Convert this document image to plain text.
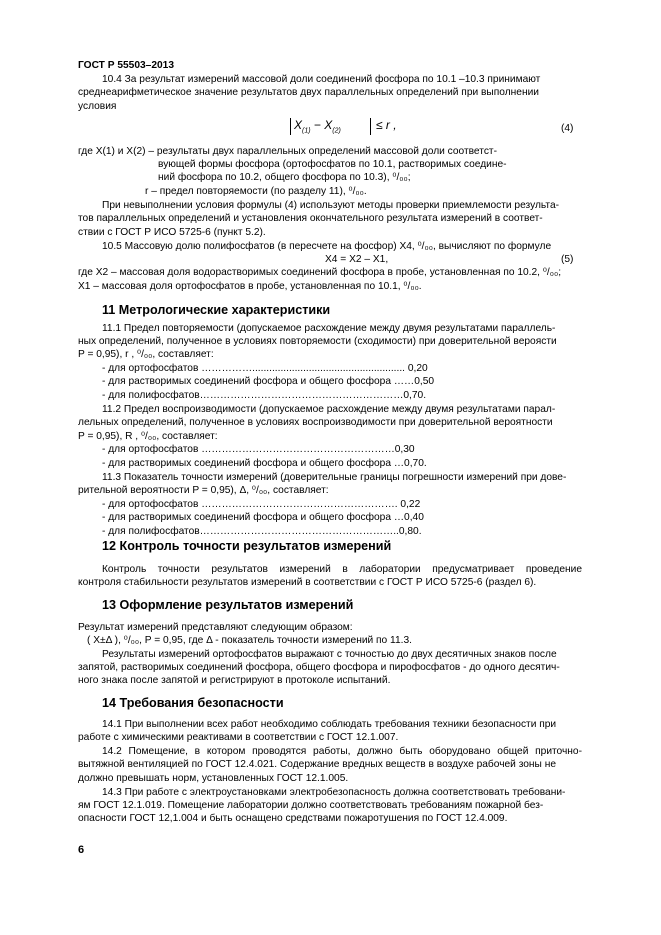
ГОСТ Р 55503–2013
10.4 За результат измерений массовой доли соединений фосфора по 10.1 –10.3 принимают
среднеарифметическое значение результатов двух параллельных определений при выполнении
условия
$X_{(1)} - X_{(2)}$	≤ r ,	(4)
где X(1) и X(2) – результаты двух параллельных определений массовой доли соответст-
вующей формы фосфора (ортофосфатов по 10.1, растворимых соедине-
ний фосфора по 10.2, общего фосфора по 10.3), ⁰/₀₀;
r – предел повторяемости (по разделу 11), ⁰/₀₀.
При невыполнении условия формулы (4) используют методы проверки приемлемости результа-
тов параллельных определений и установления окончательного результата измерений в соответ-
ствии с ГОСТ Р ИСО 5725-6 (пункт 5.2).
10.5 Массовую долю полифосфатов (в пересчете на фосфор) X4, ⁰/₀₀, вычисляют по формуле
X4 = X2 – X1,	(5)
где X2 – массовая доля водорастворимых соединений фосфора в пробе, установленная по 10.2, ⁰/₀₀;
X1 – массовая доля ортофосфатов в пробе, установленная по 10.1, ⁰/₀₀.
11 Метрологические характеристики
11.1 Предел повторяемости (допускаемое расхождение между двумя результатами параллель-
ных определений, полученное в условиях повторяемости (сходимости) при доверительной вероясти
P = 0,95), r , ⁰/₀₀, составляет:
- для ортофосфатов ……………...................................................... 0,20
- для растворимых соединений фосфора и общего фосфора ……0,50
- для полифосфатов……………………………………………………0,70.
11.2 Предел воспроизводимости (допускаемое расхождение между двумя результатами парал-
лельных определений, полученное в условиях воспроизводимости при доверительной вероятности
P = 0,95), R , ⁰/₀₀, составляет:
- для ортофосфатов …………………………………………………0,30
- для растворимых соединений фосфора и общего фосфора …0,70.
11.3 Показатель точности измерений (доверительные границы погрешности измерений при дове-
рительной вероятности P = 0,95), Δ, ⁰/₀₀, составляет:
- для ортофосфатов …………………………………………………. 0,22
- для растворимых соединений фосфора и общего фосфора …0,40
- для полифосфатов…………………………………………………..0,80.
12 Контроль точности результатов измерений
Контроль точности результатов измерений в лаборатории предусматривает проведение
контроля стабильности результатов измерений в соответствии с ГОСТ Р ИСО 5725-6 (раздел 6).
13 Оформление результатов измерений
Результат измерений представляют следующим образом:
( X±Δ ), ⁰/₀₀, P = 0,95, где Δ - показатель точности измерений по 11.3.
Результаты измерений ортофосфатов выражают с точностью до двух десятичных знаков после
запятой, растворимых соединений фосфора, общего фосфора и пирофосфатов - до одного десятич-
ного знака после запятой и регистрируют в протоколе испытаний.
14 Требования безопасности
14.1 При выполнении всех работ необходимо соблюдать требования техники безопасности при
работе с химическими реактивами в соответствии с ГОСТ 12.1.007.
14.2 Помещение, в котором проводятся работы, должно быть оборудовано общей приточно-
вытяжной вентиляцией по ГОСТ 12.4.021. Содержание вредных веществ в воздухе рабочей зоны не
должно превышать норм, установленных ГОСТ 12.1.005.
14.3 При работе с электроустановками электробезопасность должна соответствовать требовани-
ям ГОСТ 12.1.019. Помещение лаборатории должно соответствовать требованиям пожарной без-
опасности ГОСТ 12,1.004 и быть оснащено средствами пожаротушения по ГОСТ 12.4.009.
6
